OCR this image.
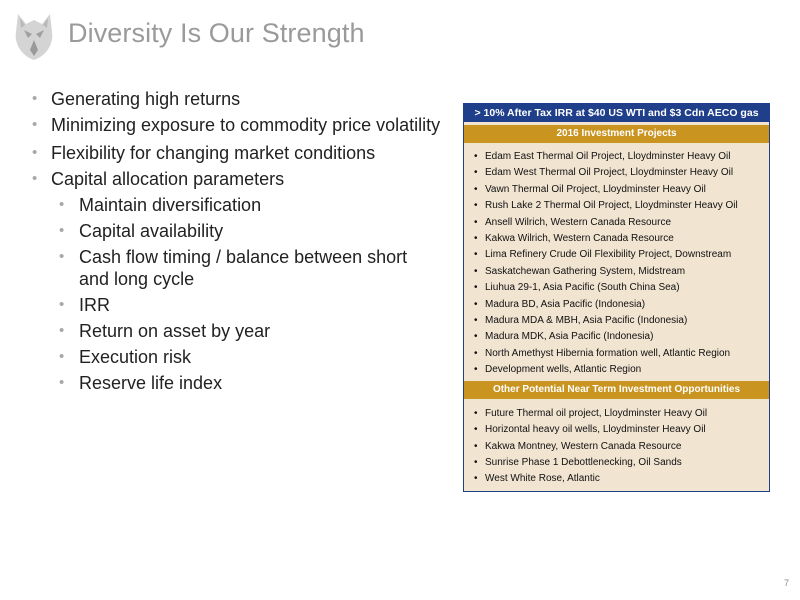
Diversity Is Our Strength
• Generating high returns
• Minimizing exposure to commodity price volatility
• Flexibility for changing market conditions
• Capital allocation parameters
• Maintain diversification
• Capital availability
• Cash flow timing / balance between short and long cycle
• IRR
• Return on asset by year
• Execution risk
• Reserve life index
> 10% After Tax IRR at $40 US WTI and $3 Cdn AECO gas
2016 Investment Projects
• Edam East Thermal Oil Project, Lloydminster Heavy Oil
• Edam West Thermal Oil Project, Lloydminster Heavy Oil
• Vawn Thermal Oil Project, Lloydminster Heavy Oil
• Rush Lake 2 Thermal Oil Project, Lloydminster Heavy Oil
• Ansell Wilrich, Western Canada Resource
• Kakwa Wilrich, Western Canada Resource
• Lima Refinery Crude Oil Flexibility Project, Downstream
• Saskatchewan Gathering System, Midstream
• Liuhua 29-1, Asia Pacific (South China Sea)
• Madura BD, Asia Pacific (Indonesia)
• Madura MDA & MBH, Asia Pacific (Indonesia)
• Madura MDK, Asia Pacific (Indonesia)
• North Amethyst Hibernia formation well, Atlantic Region
• Development wells, Atlantic Region
Other Potential Near Term Investment Opportunities
• Future Thermal oil project, Lloydminster Heavy Oil
• Horizontal heavy oil wells, Lloydminster Heavy Oil
• Kakwa Montney, Western Canada Resource
• Sunrise Phase 1 Debottlenecking, Oil Sands
• West White Rose, Atlantic
7
